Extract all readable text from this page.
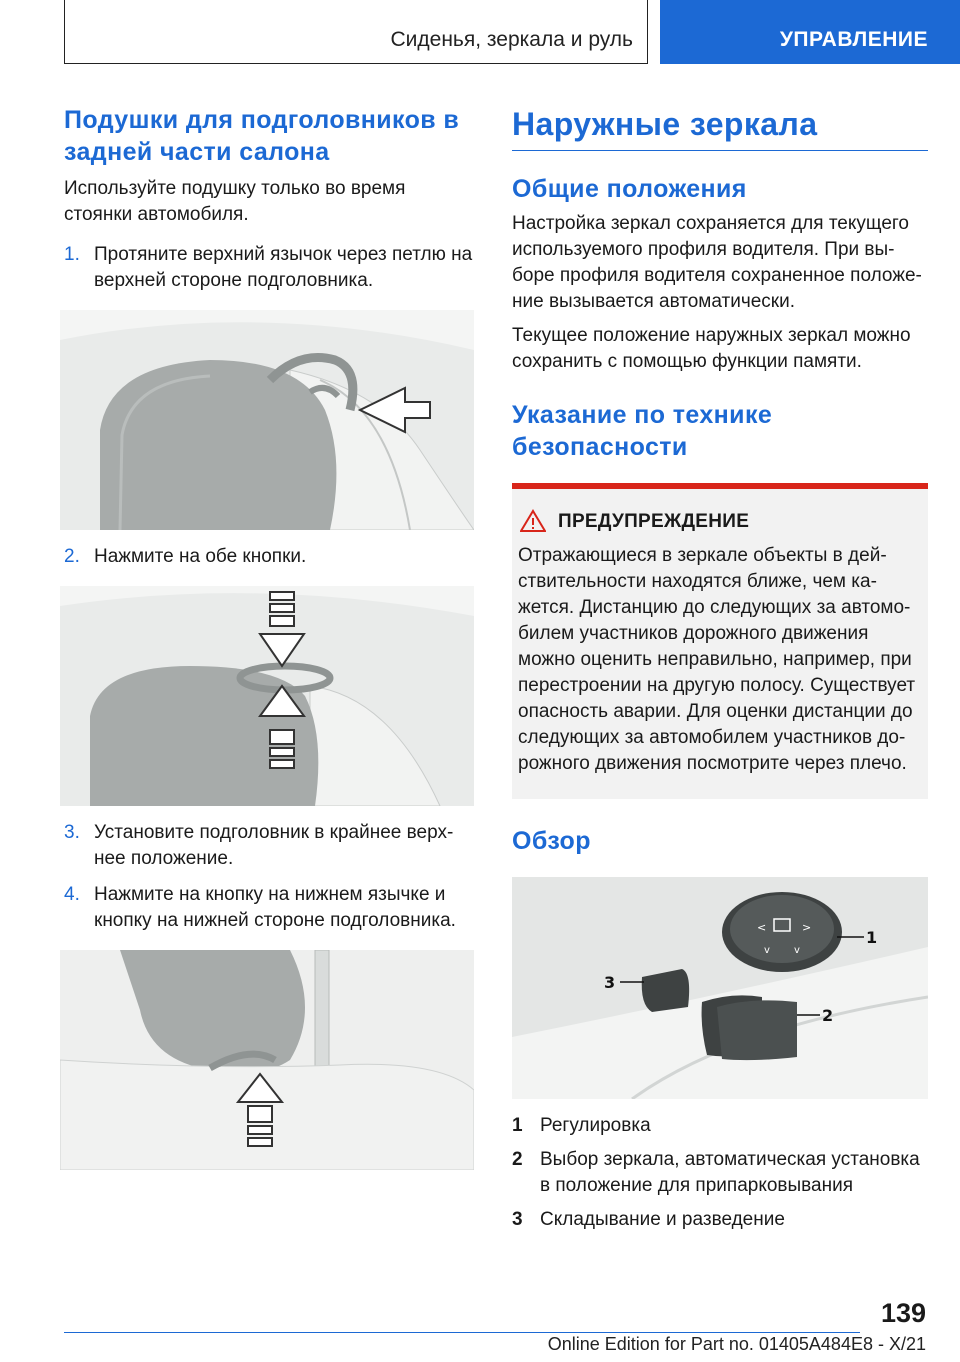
Сиденья, зеркала и руль	УПРАВЛЕНИЕ
Подушки для подголовников в задней части салона

Используйте подушку только во время стоянки автомобиля.

1. Протяните верхний язычок через петлю на верхней стороне подголовника.
2. Нажмите на обе кнопки.
3. Установите подголовник в крайнее верх- нее положение.
4. Нажмите на кнопку на нижнем язычке и кнопку на нижней стороне подголовника.
Наружные зеркала
Общие положения

Настройка зеркал сохраняется для текущего используемого профиля водителя. При вы- боре профиля водителя сохраненное положе- ние вызывается автоматически.

Текущее положение наружных зеркал можно сохранить с помощью функции памяти.

Указание по технике безопасности
ПРЕДУПРЕЖДЕНИЕ

Отражающиеся в зеркале объекты в дей- ствительности находятся ближе, чем ка- жется. Дистанцию до следующих за автомо- билем участников дорожного движения можно оценить неправильно, например, при перестроении на другую полосу. Существует опасность аварии. Для оценки дистанции до следующих за автомобилем участников до- рожного движения посмотрите через плечо.

Обзор
<	>
v v
1
2
3
1 Регулировка
2 Выбор зеркала, автоматическая установка в положение для припарковывания
3 Складывание и разведение
139
Online Edition for Part no. 01405A484E8 - X/21
